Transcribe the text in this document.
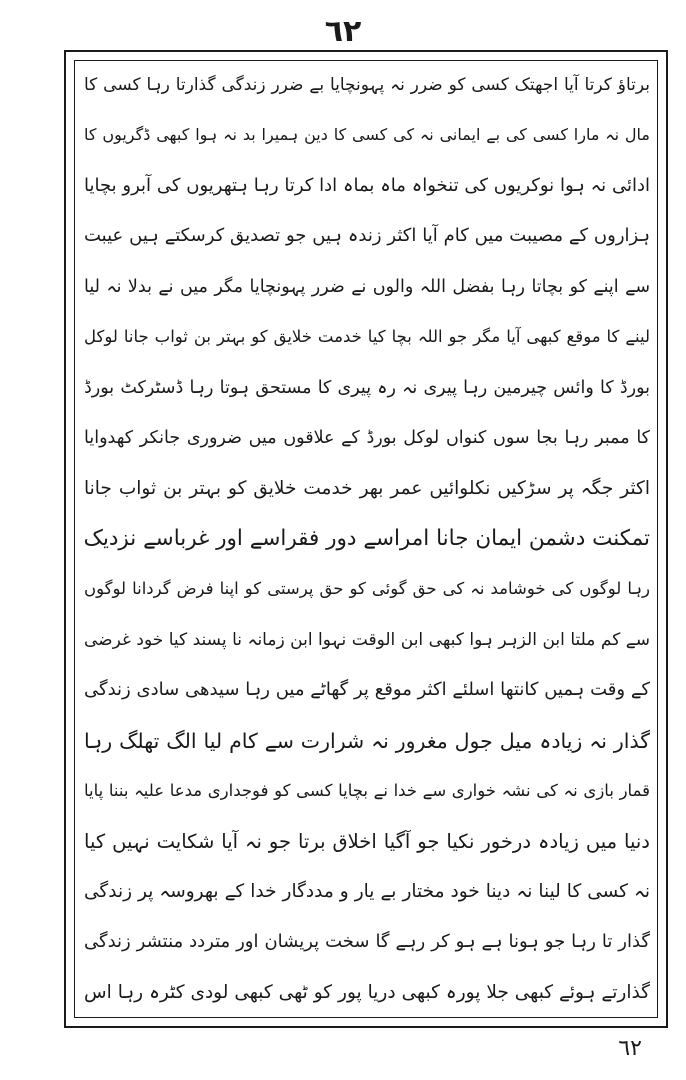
٦٢
برتاؤ کرتا آیا اجھتک کسی کو ضرر نہ پہونچایا بے ضرر زندگی گذارتا رہا کسی کا
مال نہ مارا کسی کی بے ایمانی نہ کی کسی کا دین ہمیرا بد نہ ہوا کبھی ڈگریوں کا
ادائی نہ ہوا نوکریوں کی تنخواہ ماہ بماہ ادا کرتا رہا ہتھریوں کی آبرو بچایا
ہزاروں کے مصیبت میں کام آیا اکثر زندہ ہیں جو تصدیق کرسکتے ہیں عیبت
سے اپنے کو بچاتا رہا بفضل اللہ والوں نے ضرر پہونچایا مگر میں نے بدلا نہ لیا
لینے کا موقع کبھی آیا مگر جو اللہ بچا کیا خدمت خلایق کو بہتر بن ثواب جانا لوکل
بورڈ کا وائس چیرمین رہا پیری نہ رہ پیری کا مستحق ہوتا رہا ڈسٹرکٹ بورڈ
کا ممبر رہا بجا سوں کنواں لوکل بورڈ کے علاقوں میں ضروری جانکر کھدوایا
اکثر جگہ پر سڑکیں نکلوائیں عمر بھر خدمت خلایق کو بہتر بن ثواب جانا
تمکنت دشمن ایمان جانا امراسے دور فقراسے اور غرباسے نزدیک
رہا لوگوں کی خوشامد نہ کی حق گوئی کو حق پرستی کو اپنا فرض گردانا لوگوں
سے کم ملتا ابن الزہر ہوا کبھی ابن الوقت نہوا ابن زمانہ نا پسند کیا خود غرضی
کے وقت ہمیں کانتھا اسلئے اکثر موقع پر گھاٹے میں رہا سیدھی سادی زندگی
گذار نہ زیادہ میل جول مغرور نہ شرارت سے کام لیا الگ تھلگ رہا
قمار بازی نہ کی نشہ خواری سے خدا نے بچایا کسی کو فوجداری مدعا علیہ بننا پایا
دنیا میں زیادہ درخور نکیا جو آگیا اخلاق برتا جو نہ آیا شکایت نہیں کیا
نہ کسی کا لینا نہ دینا خود مختار بے یار و مددگار خدا کے بھروسہ پر زندگی
گذار تا رہا جو ہونا ہے ہو کر رہے گا سخت پریشان اور متردد منتشر زندگی
گذارتے ہوئے کبھی جلا پورہ کبھی دریا پور کو ٹھی کبھی لودی کٹرہ رہا اس
٦٢
